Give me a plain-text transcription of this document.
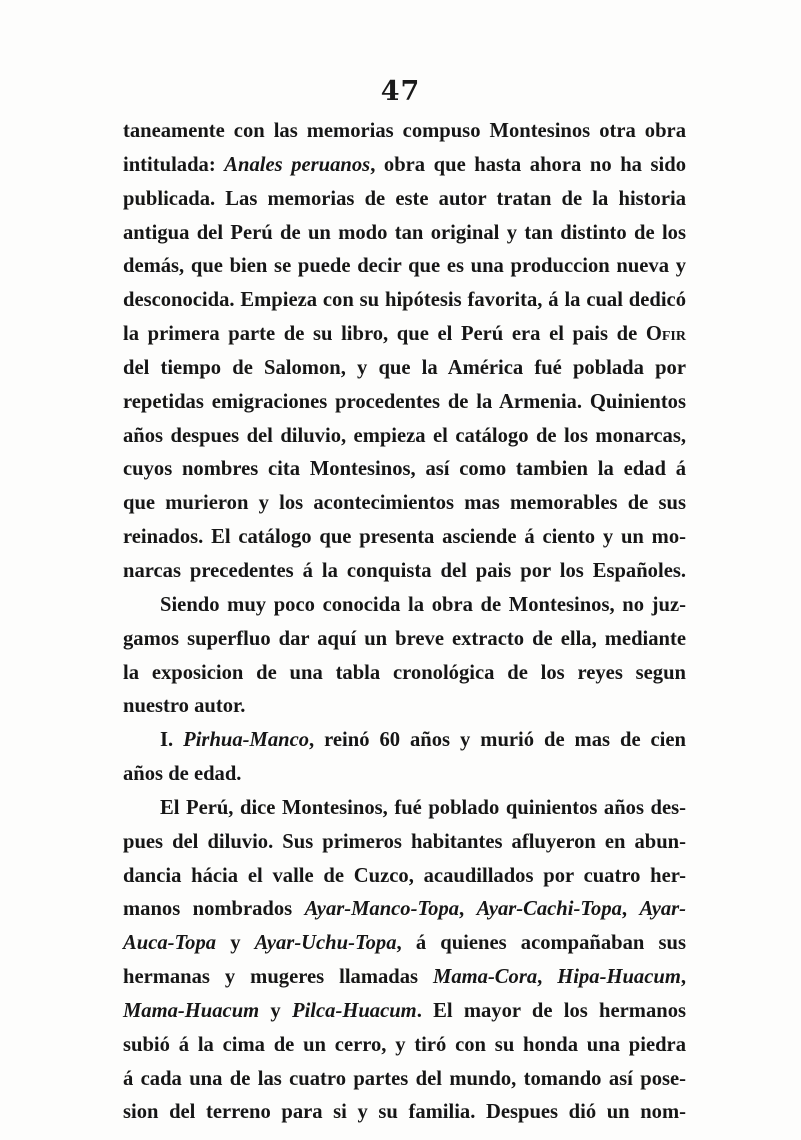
47
taneamente con las memorias compuso Montesinos otra obra
intitulada: Anales peruanos, obra que hasta ahora no ha sido
publicada. Las memorias de este autor tratan de la historia
antigua del Perú de un modo tan original y tan distinto de los
demás, que bien se puede decir que es una produccion nueva y
desconocida. Empieza con su hipótesis favorita, á la cual dedicó
la primera parte de su libro, que el Perú era el pais de Ofir
del tiempo de Salomon, y que la América fué poblada por
repetidas emigraciones procedentes de la Armenia. Quinientos
años despues del diluvio, empieza el catálogo de los monarcas,
cuyos nombres cita Montesinos, así como tambien la edad á
que murieron y los acontecimientos mas memorables de sus
reinados. El catálogo que presenta asciende á ciento y un mo-
narcas precedentes á la conquista del pais por los Españoles.
Siendo muy poco conocida la obra de Montesinos, no juz-
gamos superfluo dar aquí un breve extracto de ella, mediante
la exposicion de una tabla cronológica de los reyes segun
nuestro autor.
I. Pirhua-Manco, reinó 60 años y murió de mas de cien
años de edad.
El Perú, dice Montesinos, fué poblado quinientos años des-
pues del diluvio. Sus primeros habitantes afluyeron en abun-
dancia hácia el valle de Cuzco, acaudillados por cuatro her-
manos nombrados Ayar-Manco-Topa, Ayar-Cachi-Topa, Ayar-
Auca-Topa y Ayar-Uchu-Topa, á quienes acompañaban sus
hermanas y mugeres llamadas Mama-Cora, Hipa-Huacum,
Mama-Huacum y Pilca-Huacum. El mayor de los hermanos
subió á la cima de un cerro, y tiró con su honda una piedra
á cada una de las cuatro partes del mundo, tomando así pose-
sion del terreno para si y su familia. Despues dió un nom-
